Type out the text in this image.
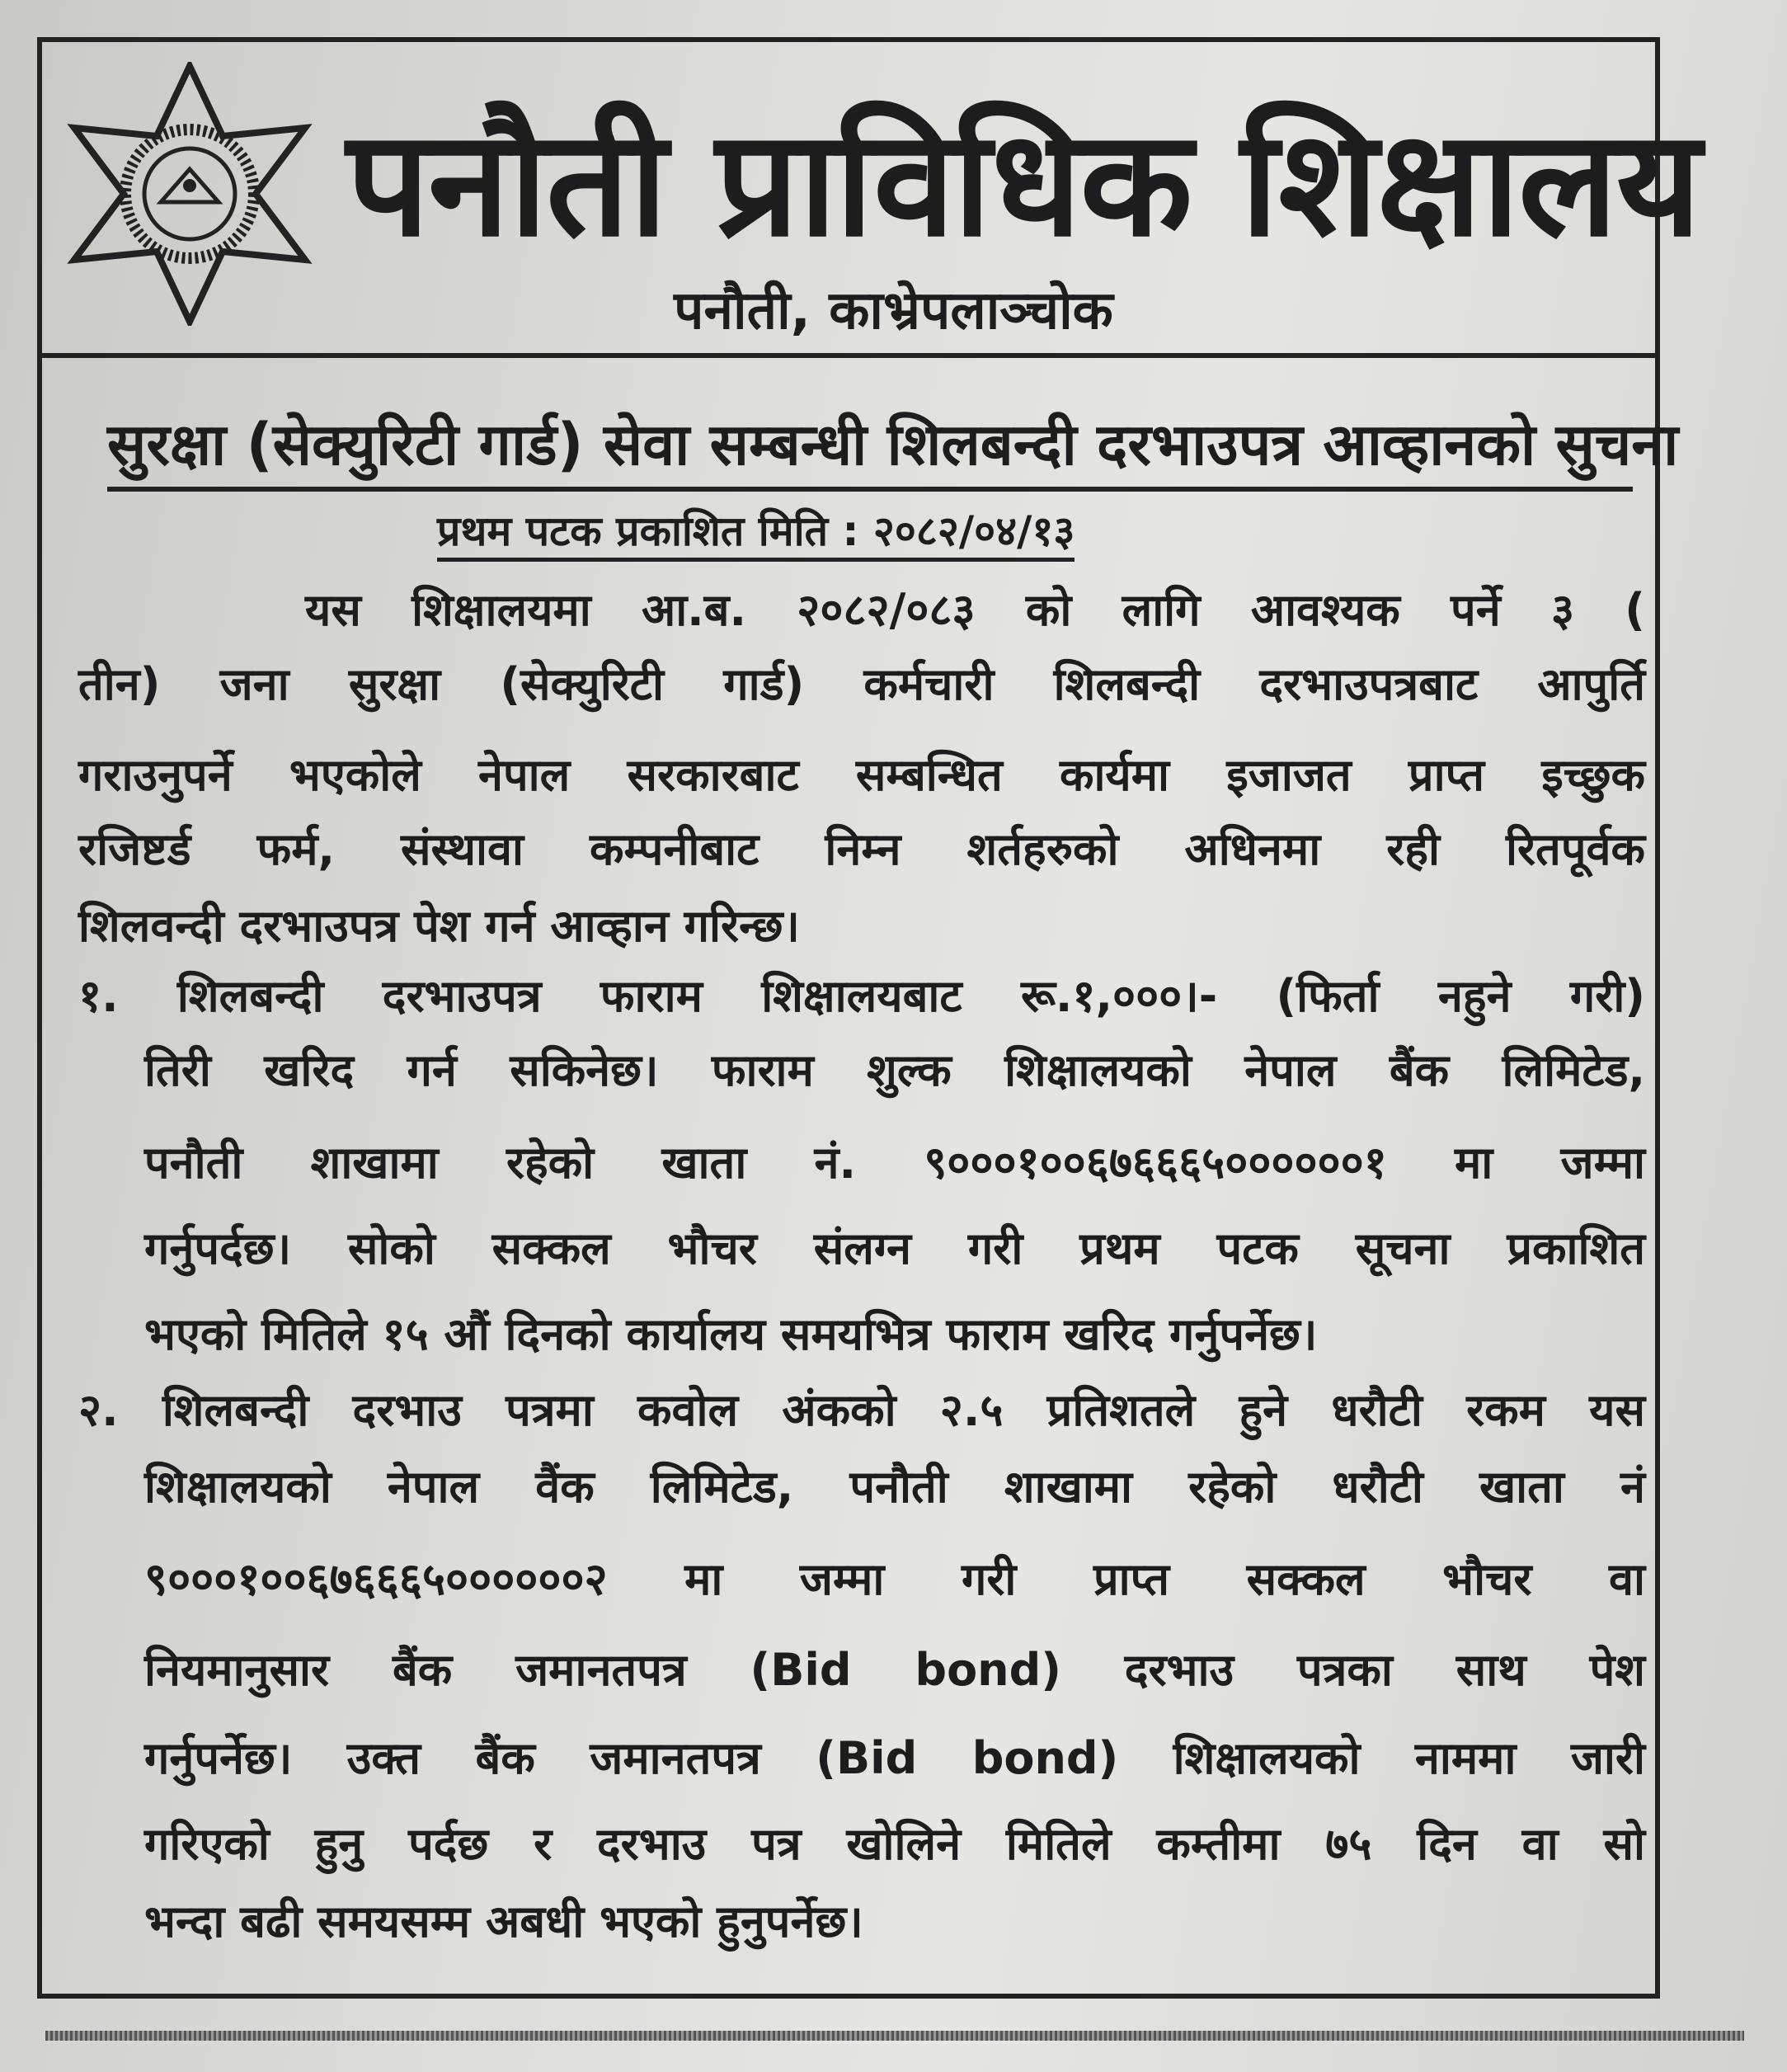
पनौती प्राविधिक शिक्षालय
पनौती, काभ्रेपलाञ्चोक
सुरक्षा (सेक्युरिटी गार्ड) सेवा सम्बन्धी शिलबन्दी दरभाउपत्र आव्हानको सुचना
प्रथम पटक प्रकाशित मिति : २०८२/०४/१३
यस शिक्षालयमा आ.ब. २०८२/०८३ को लागि आवश्यक पर्ने ३ (
तीन) जना सुरक्षा (सेक्युरिटी गार्ड) कर्मचारी शिलबन्दी दरभाउपत्रबाट आपुर्ति
गराउनुपर्ने भएकोले नेपाल सरकारबाट सम्बन्धित कार्यमा इजाजत प्राप्त इच्छुक
रजिष्टर्ड फर्म, संस्थावा कम्पनीबाट निम्न शर्तहरुको अधिनमा रही रितपूर्वक
शिलवन्दी दरभाउपत्र पेश गर्न आव्हान गरिन्छ।
१. शिलबन्दी दरभाउपत्र फाराम शिक्षालयबाट रू.१,०००।- (फिर्ता नहुने गरी)
तिरी खरिद गर्न सकिनेछ। फाराम शुल्क शिक्षालयको नेपाल बैंक लिमिटेड,
पनौती शाखामा रहेको खाता नं. ९०००१००६७६६६५००००००१ मा जम्मा
गर्नुपर्दछ। सोको सक्कल भौचर संलग्न गरी प्रथम पटक सूचना प्रकाशित
भएको मितिले १५ औं दिनको कार्यालय समयभित्र फाराम खरिद गर्नुपर्नेछ।
२. शिलबन्दी दरभाउ पत्रमा कवोल अंकको २.५ प्रतिशतले हुने धरौटी रकम यस
शिक्षालयको नेपाल वैंक लिमिटेड, पनौती शाखामा रहेको धरौटी खाता नं
९०००१००६७६६६५००००००२ मा जम्मा गरी प्राप्त सक्कल भौचर वा
नियमानुसार बैंक जमानतपत्र (Bid bond) दरभाउ पत्रका साथ पेश
गर्नुपर्नेछ। उक्त बैंक जमानतपत्र (Bid bond) शिक्षालयको नाममा जारी
गरिएको हुनु पर्दछ र दरभाउ पत्र खोलिने मितिले कम्तीमा ७५ दिन वा सो
भन्दा बढी समयसम्म अबधी भएको हुनुपर्नेछ।
